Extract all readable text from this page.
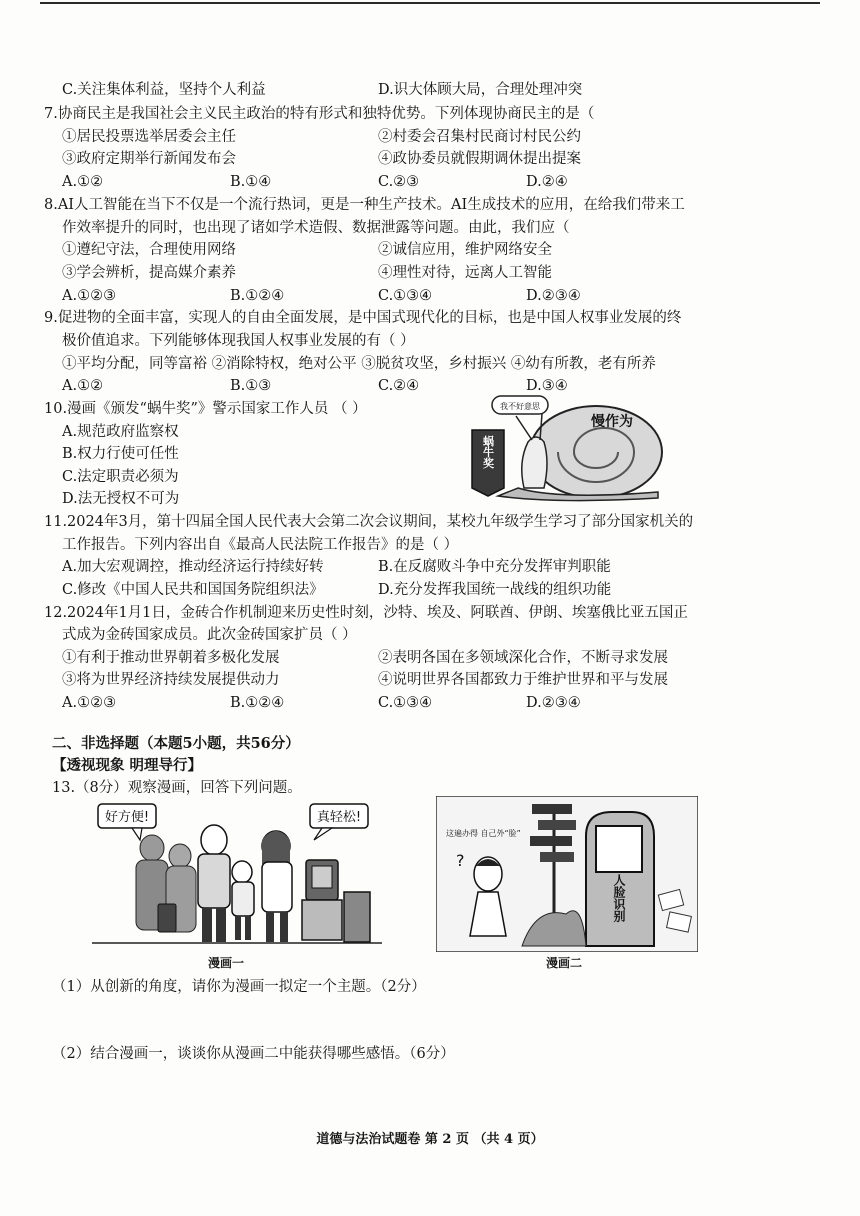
C.关注集体利益，坚持个人利益	D.识大体顾大局，合理处理冲突
7.协商民主是我国社会主义民主政治的特有形式和独特优势。下列体现协商民主的是（
①居民投票选举居委会主任	②村委会召集村民商讨村民公约
③政府定期举行新闻发布会	④政协委员就假期调休提出提案
A.①②	B.①④	C.②③	D.②④
8.AI人工智能在当下不仅是一个流行热词，更是一种生产技术。AI生成技术的应用，在给我们带来工
作效率提升的同时，也出现了诸如学术造假、数据泄露等问题。由此，我们应（
①遵纪守法，合理使用网络	②诚信应用，维护网络安全
③学会辨析，提高媒介素养	④理性对待，远离人工智能
A.①②③	B.①②④	C.①③④	D.②③④
9.促进物的全面丰富，实现人的自由全面发展，是中国式现代化的目标，也是中国人权事业发展的终
极价值追求。下列能够体现我国人权事业发展的有（ ）
①平均分配，同等富裕 ②消除特权，绝对公平 ③脱贫攻坚，乡村振兴 ④幼有所教，老有所养
A.①②	B.①③	C.②④	D.③④
10.漫画《颁发“蜗牛奖”》警示国家工作人员 （ ）
A.规范政府监察权
B.权力行使可任性
C.法定职责必须为
D.法无授权不可为
我不好意思
慢作为
蜗牛奖
11.2024年3月，第十四届全国人民代表大会第二次会议期间，某校九年级学生学习了部分国家机关的
工作报告。下列内容出自《最高人民法院工作报告》的是（ ）
A.加大宏观调控，推动经济运行持续好转	B.在反腐败斗争中充分发挥审判职能
C.修改《中国人民共和国国务院组织法》	D.充分发挥我国统一战线的组织功能
12.2024年1月1日，金砖合作机制迎来历史性时刻，沙特、埃及、阿联酋、伊朗、埃塞俄比亚五国正
式成为金砖国家成员。此次金砖国家扩员（ ）
①有利于推动世界朝着多极化发展	②表明各国在多领域深化合作，不断寻求发展
③将为世界经济持续发展提供动力	④说明世界各国都致力于维护世界和平与发展
A.①②③	B.①②④	C.①③④	D.②③④
二、非选择题（本题5小题，共56分）
【透视现象 明理导行】
13.（8分）观察漫画，回答下列问题。
好方便!	真轻松!
漫画一
人脸识别
?
这遍办得 自己外“脸”
漫画二
（1）从创新的角度，请你为漫画一拟定一个主题。（2分）
（2）结合漫画一，谈谈你从漫画二中能获得哪些感悟。（6分）
道德与法治试题卷 第 2 页 （共 4 页）
